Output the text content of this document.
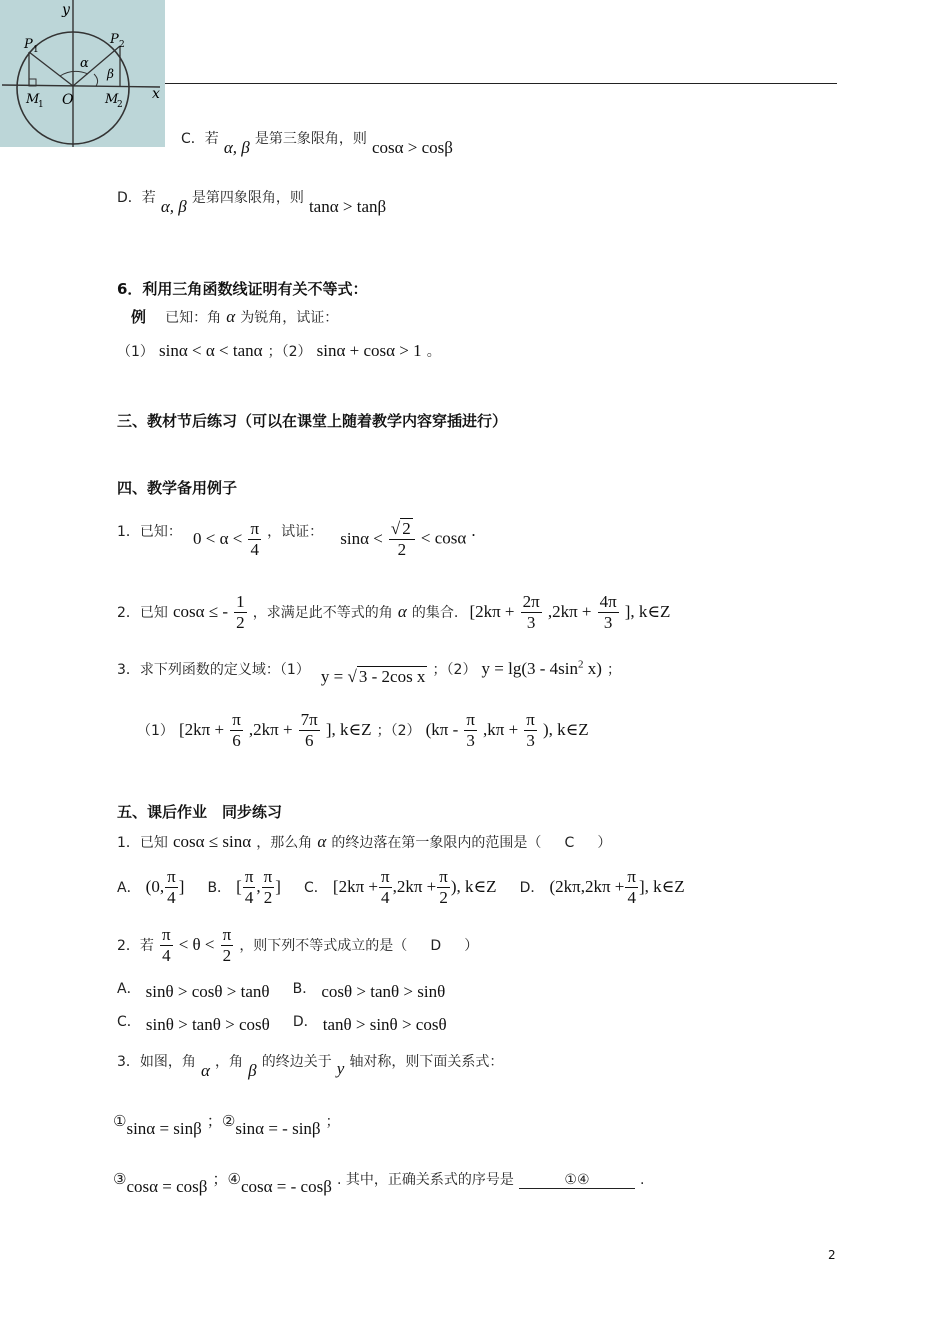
y
x
O
P 1
P 2
M
1	M
2
α
β
C．若 α, β 是第三象限角，则 cosα > cosβ
D．若 α, β 是第四象限角，则 tanα > tanβ
6．利用三角函数线证明有关不等式：
例 已知：角 α 为锐角，试证：
（1） sinα < α < tanα ；（2） sinα + cosα > 1 。
三、教材节后练习（可以在课堂上随着教学内容穿插进行）
四、教学备用例子
1．已知： $0 < \alpha < \frac{\pi}{4}$ ，试证： $\sin\alpha < \frac{√ 2}{2} < \cos\alpha$ .
2．已知 cosα ≤ - $\frac{1}{2}$ ，求满足此不等式的角 α 的集合. [$2k\pi + \frac{2\pi}{3} ,2k\pi + \frac{4\pi}{3}$ ], k∈Z
3．求下列函数的定义域：（1） y = √ 3 - 2cos x ；（2） $y = \lg(3 - 4\sin^2$ x) ；
（1） [$2k\pi + \frac{\pi}{6} ,2k\pi + \frac{7\pi}{6}$ ], k∈Z ；（2） ($k\pi - \frac{\pi}{3} ,k\pi + \frac{\pi}{3}$ ), k∈Z
五、课后作业　同步练习
1．已知 cosα ≤ sinα ，那么角 α 的终边落在第一象限内的范围是（ C ）
A． (0, $\frac{\pi}{4}$ ] B． [ $\frac{\pi}{4}$ , $\frac{\pi}{2}$ ] C． [$2k\pi + \frac{\pi}{4} ,2k\pi + \frac{\pi}{2}$ ), k∈Z D． ($2k\pi,2k\pi + \frac{\pi}{4}$ ], k∈Z
2．若 $\frac{\pi}{4} < \theta < \frac{\pi}{2}$ ，则下列不等式成立的是（ D ）
A． sinθ > cosθ > tanθ B． cosθ > tanθ > sinθ
C． sinθ > tanθ > cosθ D． tanθ > sinθ > cosθ
3．如图，角 α ，角 β 的终边关于 y 轴对称，则下面关系式：
①sinα = sinβ ；②sinα = - sinβ ；
③cosα = cosβ ；④cosα = - cosβ . 其中，正确关系式的序号是	①④	.
2
